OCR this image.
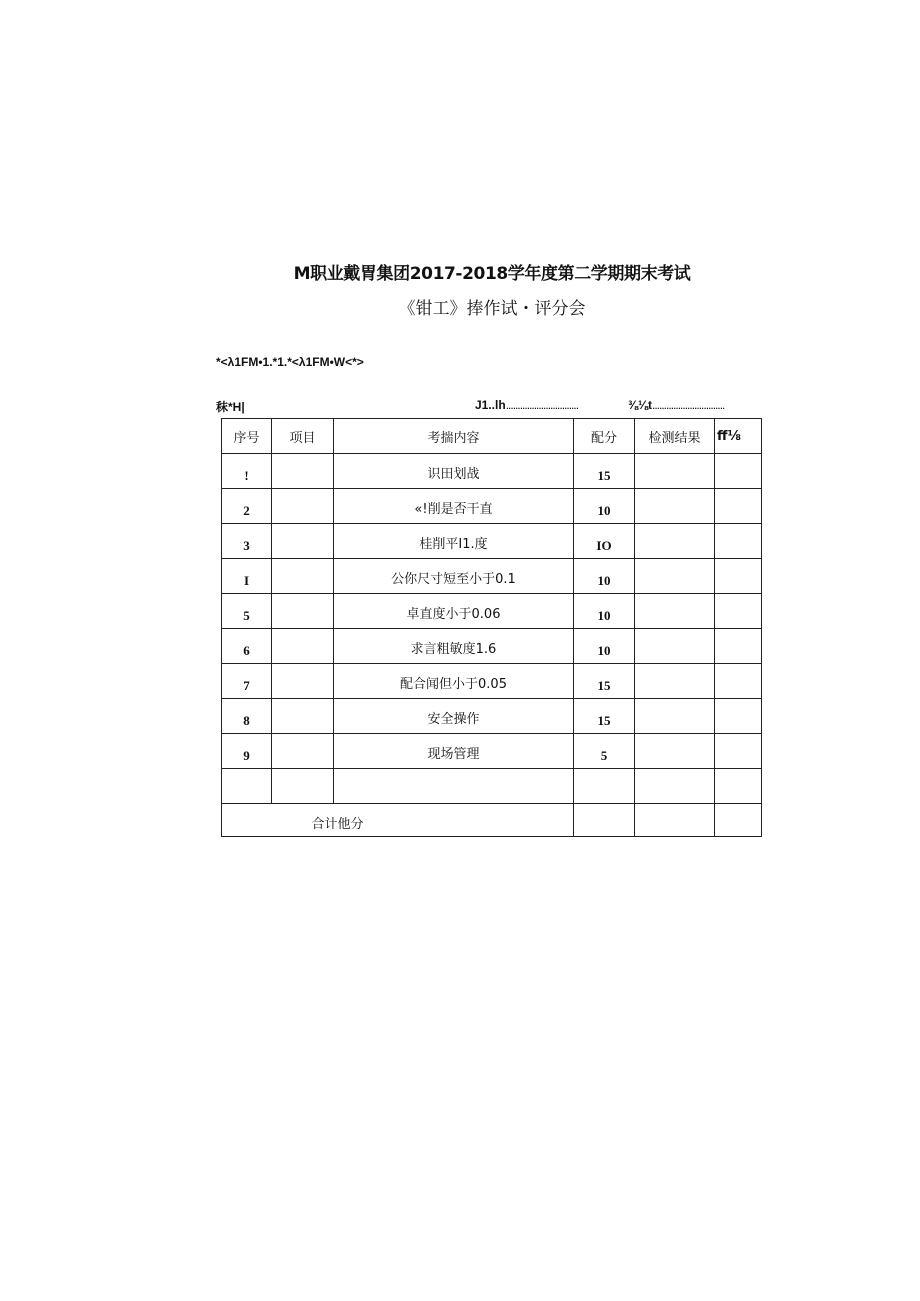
M职业戴胃集团2017-2018学年度第二学期期末考试
《钳工》捧作试・评分会
*<λ1FM•1.*1.*<λ1FM•W<*>
秣*H|	J1..lh...............................	⅜⅛t...............................
序号	项目	考揣内容	配分	检测结果	ff⅛
!		识田划战	15		
2		«!削是否干直	10		
3		桂削平I1.度	IO		
I		公你尺寸短至小于0.1	10		
5		卓直度小于0.06	10		
6		求言粗敏度1.6	10		
7		配合闻但小于0.05	15		
8		安全操作	15		
9		现场管理	5		

合计他分					
